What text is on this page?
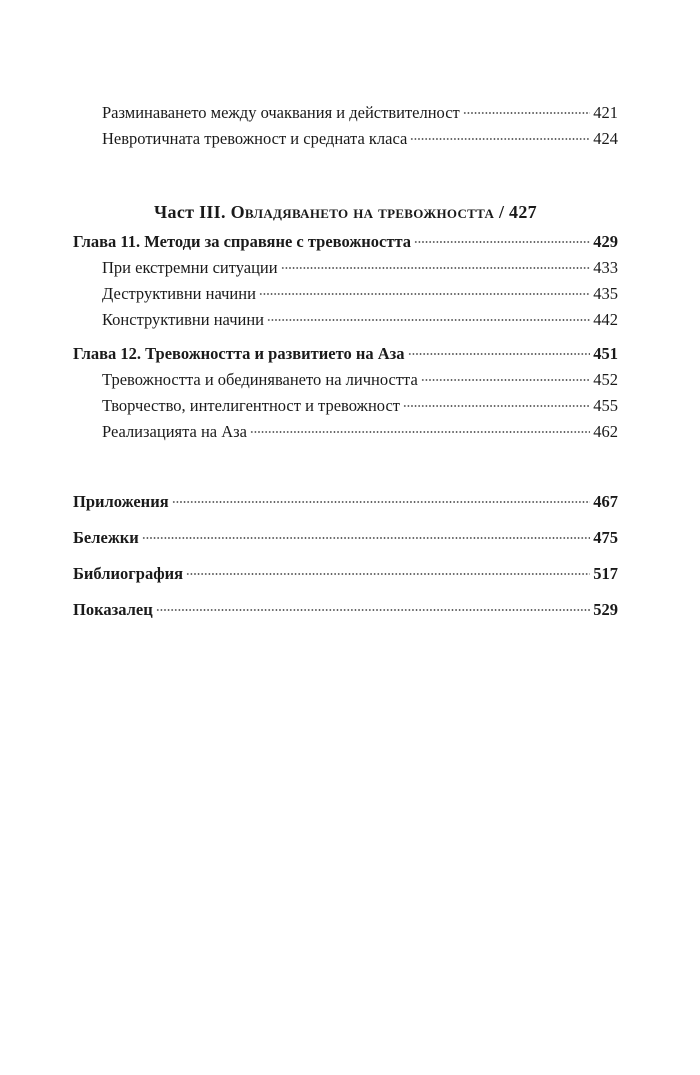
Разминаването между очаквания и действителност	421
Невротичната тревожност и средната класа	424
Част III. Овладяването на тревожността / 427
Глава 11. Методи за справяне с тревожността	429
При екстремни ситуации	433
Деструктивни начини	435
Конструктивни начини	442
Глава 12. Тревожността и развитието на Аза	451
Тревожността и обединяването на личността	452
Творчество, интелигентност и тревожност	455
Реализацията на Аза	462
Приложения	467
Бележки	475
Библиография	517
Показалец	529
